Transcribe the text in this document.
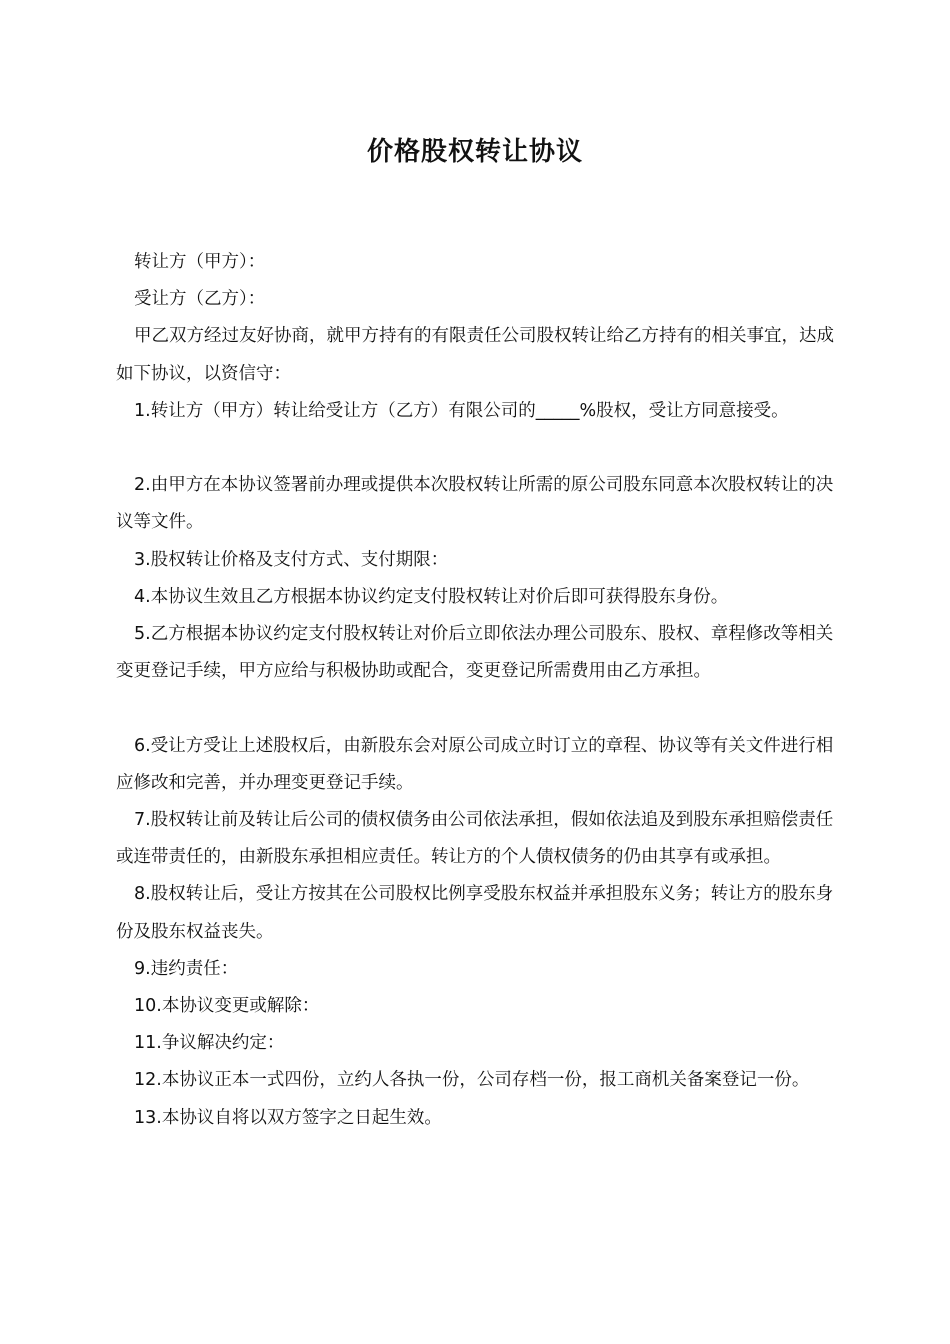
价格股权转让协议

转让方（甲方）：

受让方（乙方）：

甲乙双方经过友好协商，就甲方持有的有限责任公司股权转让给乙方持有的相关事宜，达成如下协议，以资信守：

1.转让方（甲方）转让给受让方（乙方）有限公司的_____%股权，受让方同意接受。

2.由甲方在本协议签署前办理或提供本次股权转让所需的原公司股东同意本次股权转让的决议等文件。

3.股权转让价格及支付方式、支付期限：

4.本协议生效且乙方根据本协议约定支付股权转让对价后即可获得股东身份。

5.乙方根据本协议约定支付股权转让对价后立即依法办理公司股东、股权、章程修改等相关变更登记手续，甲方应给与积极协助或配合，变更登记所需费用由乙方承担。

6.受让方受让上述股权后，由新股东会对原公司成立时订立的章程、协议等有关文件进行相应修改和完善，并办理变更登记手续。

7.股权转让前及转让后公司的债权债务由公司依法承担，假如依法追及到股东承担赔偿责任或连带责任的，由新股东承担相应责任。转让方的个人债权债务的仍由其享有或承担。

8.股权转让后，受让方按其在公司股权比例享受股东权益并承担股东义务；转让方的股东身份及股东权益丧失。

9.违约责任：

10.本协议变更或解除：

11.争议解决约定：

12.本协议正本一式四份，立约人各执一份，公司存档一份，报工商机关备案登记一份。

13.本协议自将以双方签字之日起生效。
